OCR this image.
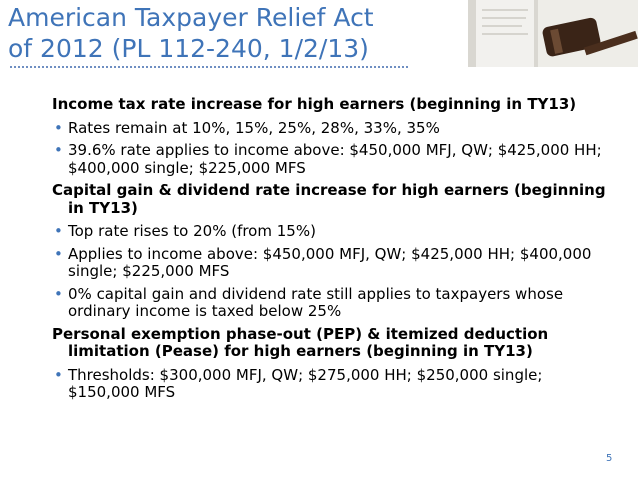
American Taxpayer Relief Act
of 2012 (PL 112-240, 1/2/13)

Income tax rate increase for high earners (beginning in TY13)

• Rates remain at 10%, 15%, 25%, 28%, 33%, 35%
• 39.6% rate applies to income above: $450,000 MFJ, QW; $425,000 HH; $400,000 single; $225,000 MFS

Capital gain & dividend rate increase for high earners (beginning in TY13)

• Top rate rises to 20% (from 15%)
• Applies to income above: $450,000 MFJ, QW; $425,000 HH; $400,000 single; $225,000 MFS
• 0% capital gain and dividend rate still applies to taxpayers whose ordinary income is taxed below 25%

Personal exemption phase-out (PEP) & itemized deduction limitation (Pease) for high earners (beginning in TY13)

• Thresholds: $300,000 MFJ, QW; $275,000 HH; $250,000 single; $150,000 MFS
5
